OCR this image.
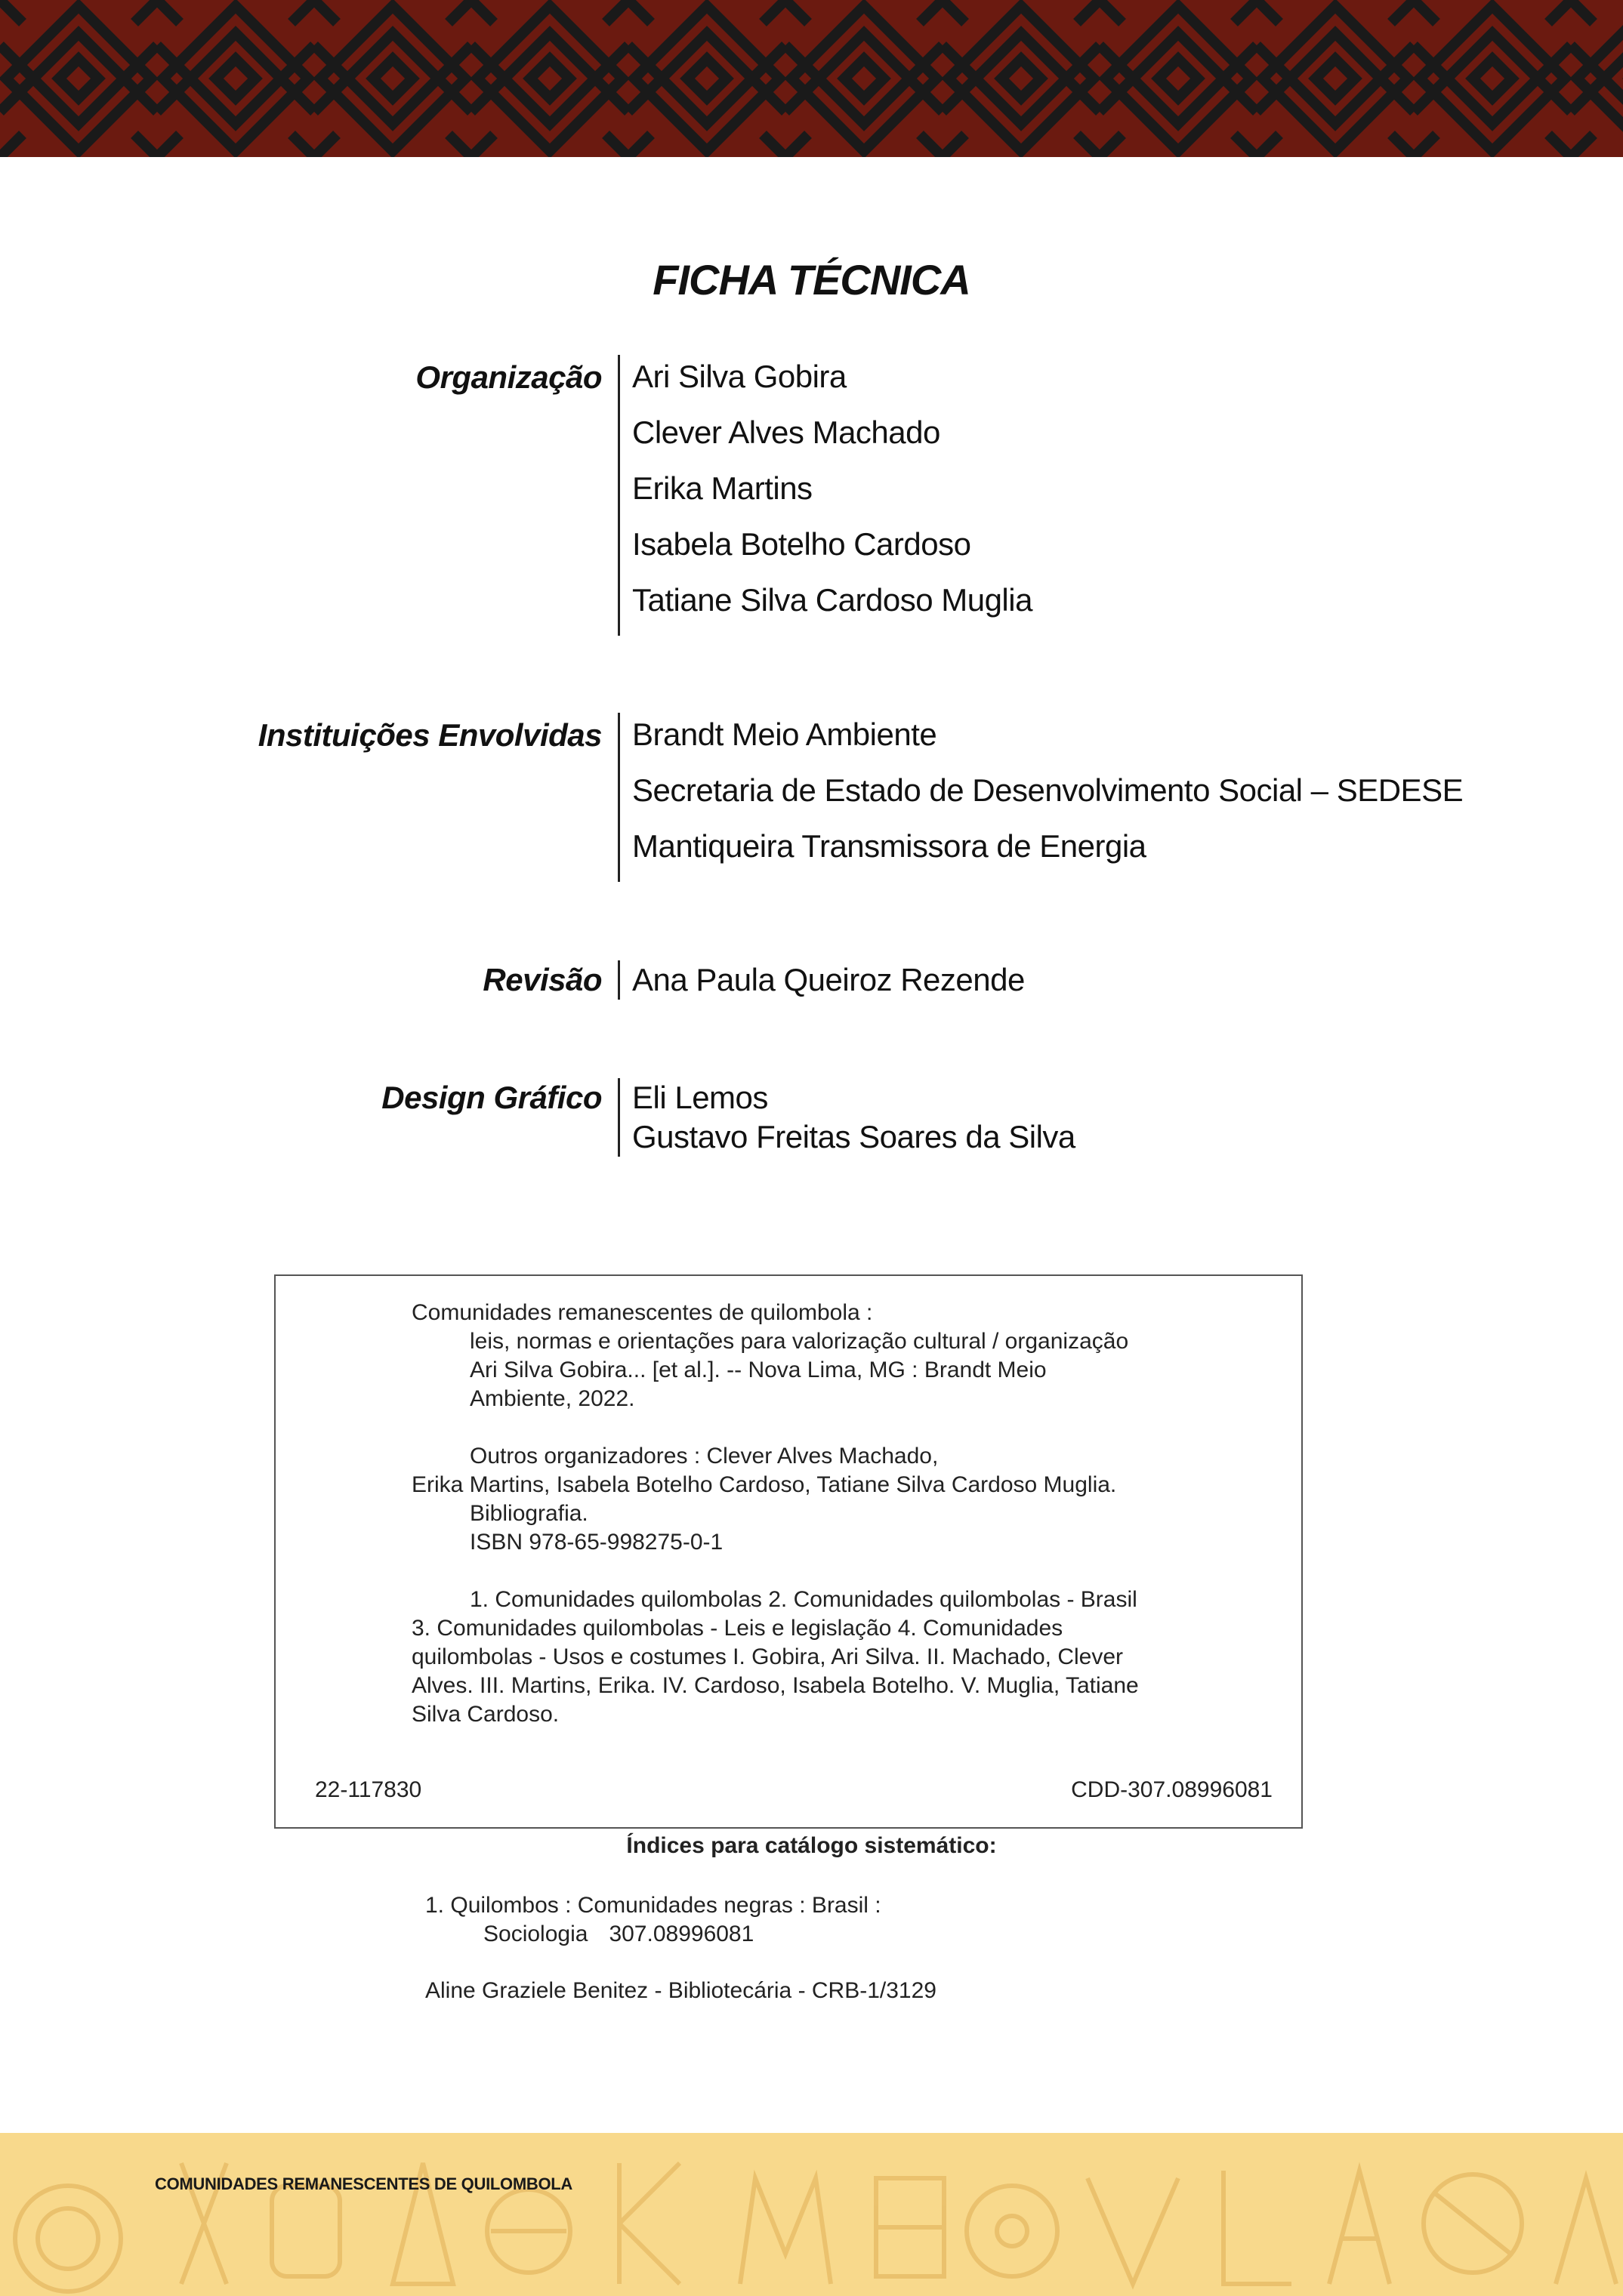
FICHA TÉCNICA
Organização Ari Silva Gobira
Clever Alves Machado
Erika Martins
Isabela Botelho Cardoso
Tatiane Silva Cardoso Muglia
Instituições Envolvidas Brandt Meio Ambiente
Secretaria de Estado de Desenvolvimento Social – SEDESE
Mantiqueira Transmissora de Energia
Revisão Ana Paula Queiroz Rezende
Design Gráfico Eli Lemos
Gustavo Freitas Soares da Silva

Comunidades remanescentes de quilombola :

leis, normas e orientações para valorização cultural / organização

Ari Silva Gobira... [et al.]. -- Nova Lima, MG : Brandt Meio

Ambiente, 2022.

Outros organizadores : Clever Alves Machado,

Erika Martins, Isabela Botelho Cardoso, Tatiane Silva Cardoso Muglia.

Bibliografia.

ISBN 978-65-998275-0-1

1. Comunidades quilombolas 2. Comunidades quilombolas - Brasil

3. Comunidades quilombolas - Leis e legislação 4. Comunidades

quilombolas - Usos e costumes I. Gobira, Ari Silva. II. Machado, Clever

Alves. III. Martins, Erika. IV. Cardoso, Isabela Botelho. V. Muglia, Tatiane

Silva Cardoso.

22-117830	CDD-307.08996081
Índices para catálogo sistemático:
1. Quilombos : Comunidades negras : Brasil :
Sociologia 307.08996081
Aline Graziele Benitez - Bibliotecária - CRB-1/3129
COMUNIDADES REMANESCENTES DE QUILOMBOLA
